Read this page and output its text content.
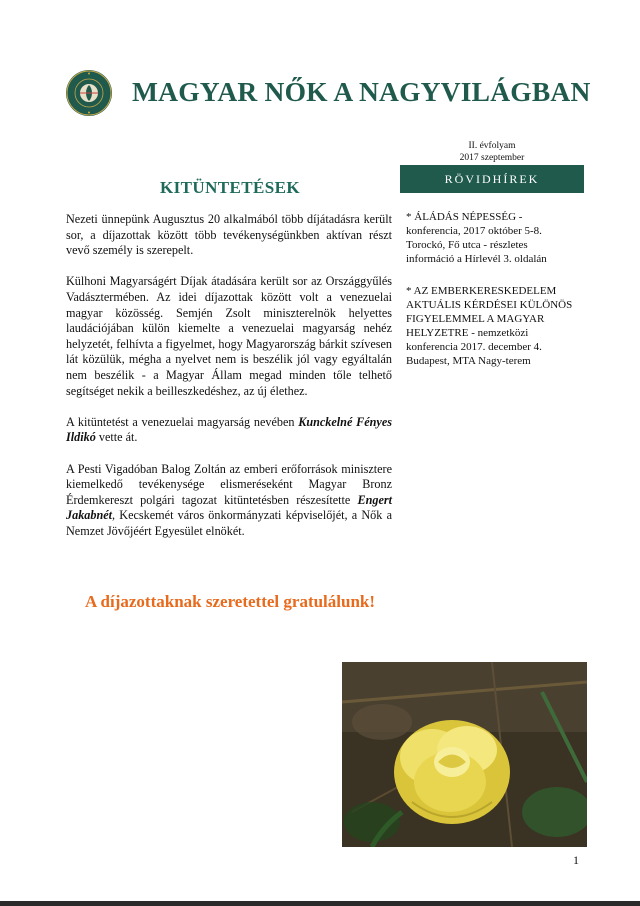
MAGYAR NŐK A NAGYVILÁGBAN
II. évfolyam
2017 szeptember
RÖVIDHÍREK
* ÁLÁDÁS NÉPESSÉG - konferencia, 2017 október 5-8. Torockó, Fő utca - részletes információ a Hírlevél 3. oldalán
* AZ EMBERKERESKEDELEM AKTUÁLIS KÉRDÉSEI KÜLÖNÖS FIGYELEMMEL A MAGYAR HELYZETRE - nemzetközi konferencia 2017. december 4. Budapest, MTA Nagy-terem
KITÜNTETÉSEK

Nezeti ünnepünk Augusztus 20 alkalmából több díjátadásra került sor, a díjazottak között több tevékenységünkben aktívan részt vevő személy is szerepelt.

Külhoni Magyarságért Díjak átadására került sor az Országgyűlés Vadásztermében. Az idei díjazottak között volt a venezuelai magyar közösség. Semjén Zsolt miniszterelnök helyettes laudációjában külön kiemelte a venezuelai magyarság nehéz helyzetét, felhívta a figyelmet, hogy Magyarország bárkit szívesen lát közülük, mégha a nyelvet nem is beszélik jól vagy egyáltalán nem beszélik - a Magyar Állam megad minden tőle telhető segítséget nekik a beilleszkedéshez, az új élethez.

A kitüntetést a venezuelai magyarság nevében Kunckelné Fényes Ildikó vette át.

A Pesti Vigadóban Balog Zoltán az emberi erőforrások minisztere kiemelkedő tevékenysége elismeréseként Magyar Bronz Érdemkereszt polgári tagozat kitüntetésben részesítette Engert Jakabnét, Kecskemét város önkormányzati képviselőjét, a Nők a Nemzet Jövőjéért Egyesület elnökét.

A díjazottaknak szeretettel gratulálunk!
1
